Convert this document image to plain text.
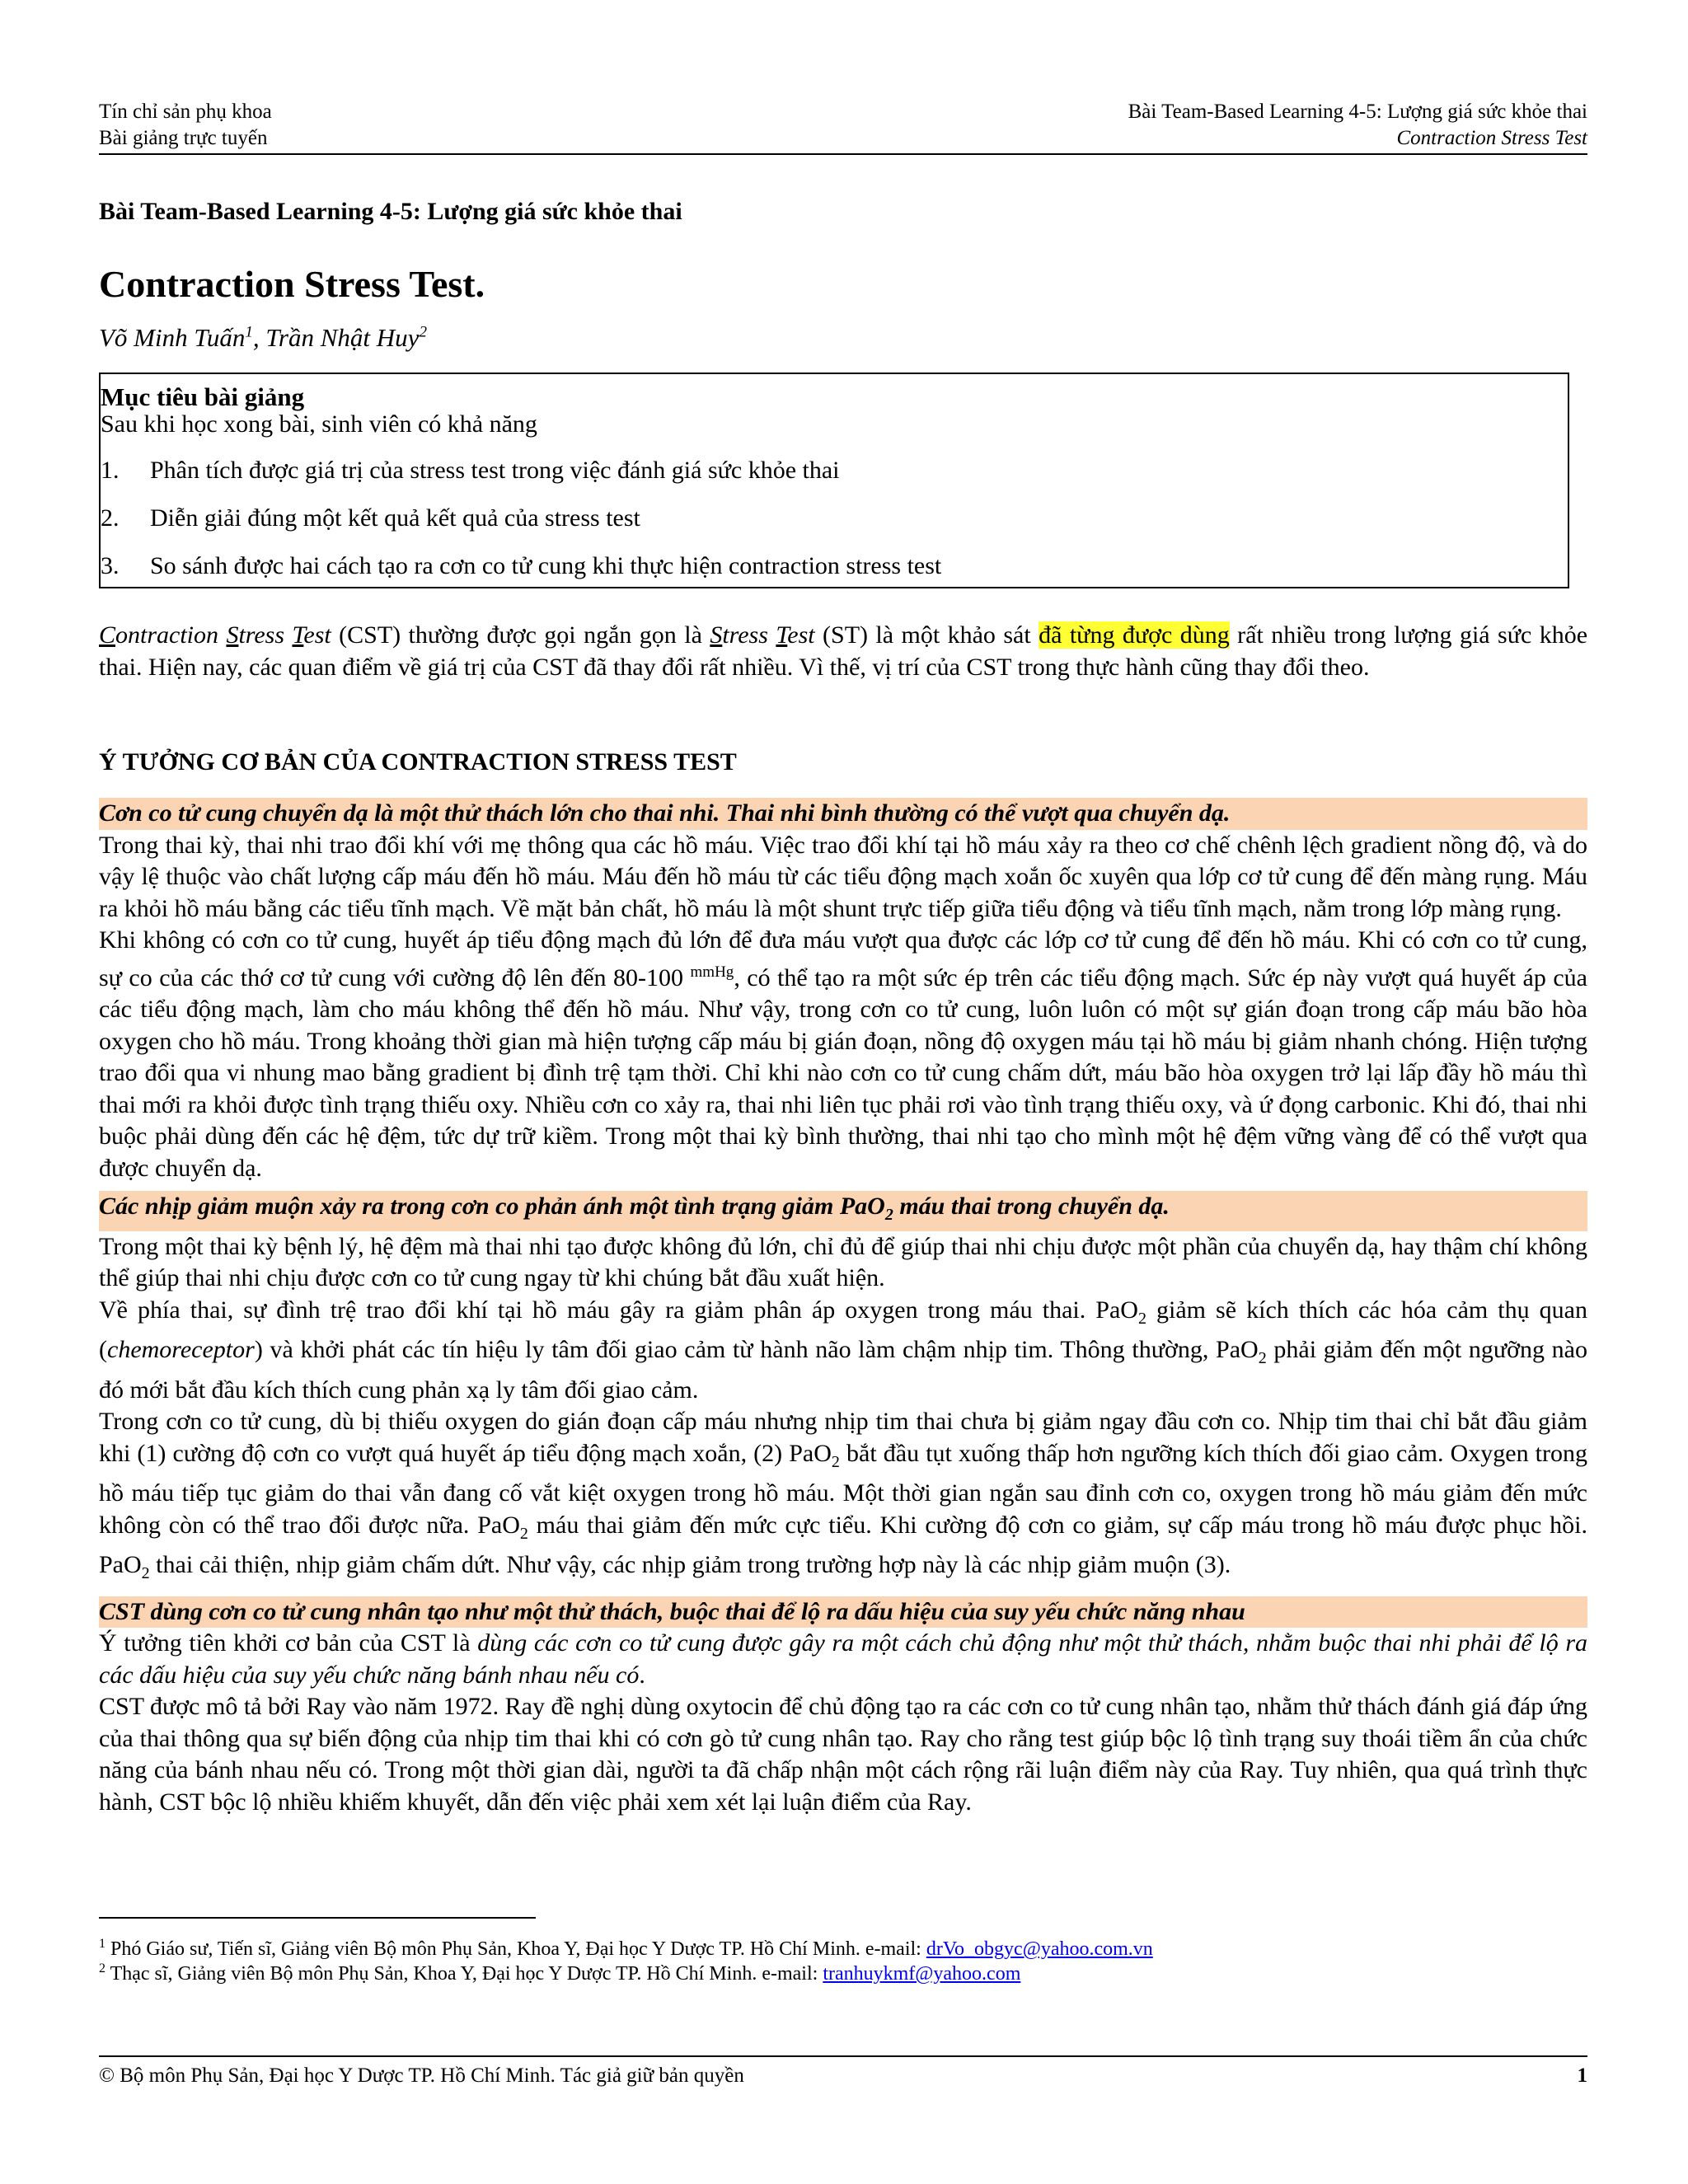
Tín chỉ sản phụ khoa
Bài giảng trực tuyến
Bài Team-Based Learning 4-5: Lượng giá sức khỏe thai
Contraction Stress Test
Bài Team-Based Learning 4-5: Lượng giá sức khỏe thai
Contraction Stress Test.
Võ Minh Tuấn$^1$, Trần Nhật Huy$^2$
Mục tiêu bài giảng
Sau khi học xong bài, sinh viên có khả năng
1. Phân tích được giá trị của stress test trong việc đánh giá sức khỏe thai
2. Diễn giải đúng một kết quả kết quả của stress test
3. So sánh được hai cách tạo ra cơn co tử cung khi thực hiện contraction stress test

Contraction Stress Test (CST) thường được gọi ngắn gọn là Stress Test (ST) là một khảo sát đã từng được dùng rất nhiều trong lượng giá sức khỏe thai. Hiện nay, các quan điểm về giá trị của CST đã thay đổi rất nhiều. Vì thế, vị trí của CST trong thực hành cũng thay đổi theo.

Ý TƯỞNG CƠ BẢN CỦA CONTRACTION STRESS TEST

Cơn co tử cung chuyển dạ là một thử thách lớn cho thai nhi. Thai nhi bình thường có thể vượt qua chuyển dạ.

Trong thai kỳ, thai nhi trao đổi khí với mẹ thông qua các hồ máu. Việc trao đổi khí tại hồ máu xảy ra theo cơ chế chênh lệch gradient nồng độ, và do vậy lệ thuộc vào chất lượng cấp máu đến hồ máu. Máu đến hồ máu từ các tiểu động mạch xoắn ốc xuyên qua lớp cơ tử cung để đến màng rụng. Máu ra khỏi hồ máu bằng các tiểu tĩnh mạch. Về mặt bản chất, hồ máu là một shunt trực tiếp giữa tiểu động và tiểu tĩnh mạch, nằm trong lớp màng rụng.

Khi không có cơn co tử cung, huyết áp tiểu động mạch đủ lớn để đưa máu vượt qua được các lớp cơ tử cung để đến hồ máu. Khi có cơn co tử cung, sự co của các thớ cơ tử cung với cường độ lên đến 80-100 $^{mmHg}$, có thể tạo ra một sức ép trên các tiểu động mạch. Sức ép này vượt quá huyết áp của các tiểu động mạch, làm cho máu không thể đến hồ máu. Như vậy, trong cơn co tử cung, luôn luôn có một sự gián đoạn trong cấp máu bão hòa oxygen cho hồ máu. Trong khoảng thời gian mà hiện tượng cấp máu bị gián đoạn, nồng độ oxygen máu tại hồ máu bị giảm nhanh chóng. Hiện tượng trao đổi qua vi nhung mao bằng gradient bị đình trệ tạm thời. Chỉ khi nào cơn co tử cung chấm dứt, máu bão hòa oxygen trở lại lấp đầy hồ máu thì thai mới ra khỏi được tình trạng thiếu oxy. Nhiều cơn co xảy ra, thai nhi liên tục phải rơi vào tình trạng thiếu oxy, và ứ đọng carbonic. Khi đó, thai nhi buộc phải dùng đến các hệ đệm, tức dự trữ kiềm. Trong một thai kỳ bình thường, thai nhi tạo cho mình một hệ đệm vững vàng để có thể vượt qua được chuyển dạ.

Các nhịp giảm muộn xảy ra trong cơn co phản ánh một tình trạng giảm PaO$_2$ máu thai trong chuyển dạ.

Trong một thai kỳ bệnh lý, hệ đệm mà thai nhi tạo được không đủ lớn, chỉ đủ để giúp thai nhi chịu được một phần của chuyển dạ, hay thậm chí không thể giúp thai nhi chịu được cơn co tử cung ngay từ khi chúng bắt đầu xuất hiện.

Về phía thai, sự đình trệ trao đổi khí tại hồ máu gây ra giảm phân áp oxygen trong máu thai. PaO$_2$ giảm sẽ kích thích các hóa cảm thụ quan (chemoreceptor) và khởi phát các tín hiệu ly tâm đối giao cảm từ hành não làm chậm nhịp tim. Thông thường, PaO$_2$ phải giảm đến một ngưỡng nào đó mới bắt đầu kích thích cung phản xạ ly tâm đối giao cảm.

Trong cơn co tử cung, dù bị thiếu oxygen do gián đoạn cấp máu nhưng nhịp tim thai chưa bị giảm ngay đầu cơn co. Nhịp tim thai chỉ bắt đầu giảm khi (1) cường độ cơn co vượt quá huyết áp tiểu động mạch xoắn, (2) PaO$_2$ bắt đầu tụt xuống thấp hơn ngưỡng kích thích đối giao cảm. Oxygen trong hồ máu tiếp tục giảm do thai vẫn đang cố vắt kiệt oxygen trong hồ máu. Một thời gian ngắn sau đỉnh cơn co, oxygen trong hồ máu giảm đến mức không còn có thể trao đổi được nữa. PaO$_2$ máu thai giảm đến mức cực tiểu. Khi cường độ cơn co giảm, sự cấp máu trong hồ máu được phục hồi. PaO$_2$ thai cải thiện, nhịp giảm chấm dứt. Như vậy, các nhịp giảm trong trường hợp này là các nhịp giảm muộn (3).

CST dùng cơn co tử cung nhân tạo như một thử thách, buộc thai để lộ ra dấu hiệu của suy yếu chức năng nhau

Ý tưởng tiên khởi cơ bản của CST là dùng các cơn co tử cung được gây ra một cách chủ động như một thử thách, nhằm buộc thai nhi phải để lộ ra các dấu hiệu của suy yếu chức năng bánh nhau nếu có.

CST được mô tả bởi Ray vào năm 1972. Ray đề nghị dùng oxytocin để chủ động tạo ra các cơn co tử cung nhân tạo, nhằm thử thách đánh giá đáp ứng của thai thông qua sự biến động của nhịp tim thai khi có cơn gò tử cung nhân tạo. Ray cho rằng test giúp bộc lộ tình trạng suy thoái tiềm ẩn của chức năng của bánh nhau nếu có. Trong một thời gian dài, người ta đã chấp nhận một cách rộng rãi luận điểm này của Ray. Tuy nhiên, qua quá trình thực hành, CST bộc lộ nhiều khiếm khuyết, dẫn đến việc phải xem xét lại luận điểm của Ray.

$^1$ Phó Giáo sư, Tiến sĩ, Giảng viên Bộ môn Phụ Sản, Khoa Y, Đại học Y Dược TP. Hồ Chí Minh. e-mail: drVo_obgyc@yahoo.com.vn
$^2$ Thạc sĩ, Giảng viên Bộ môn Phụ Sản, Khoa Y, Đại học Y Dược TP. Hồ Chí Minh. e-mail: tranhuykmf@yahoo.com
© Bộ môn Phụ Sản, Đại học Y Dược TP. Hồ Chí Minh. Tác giả giữ bản quyền	1
